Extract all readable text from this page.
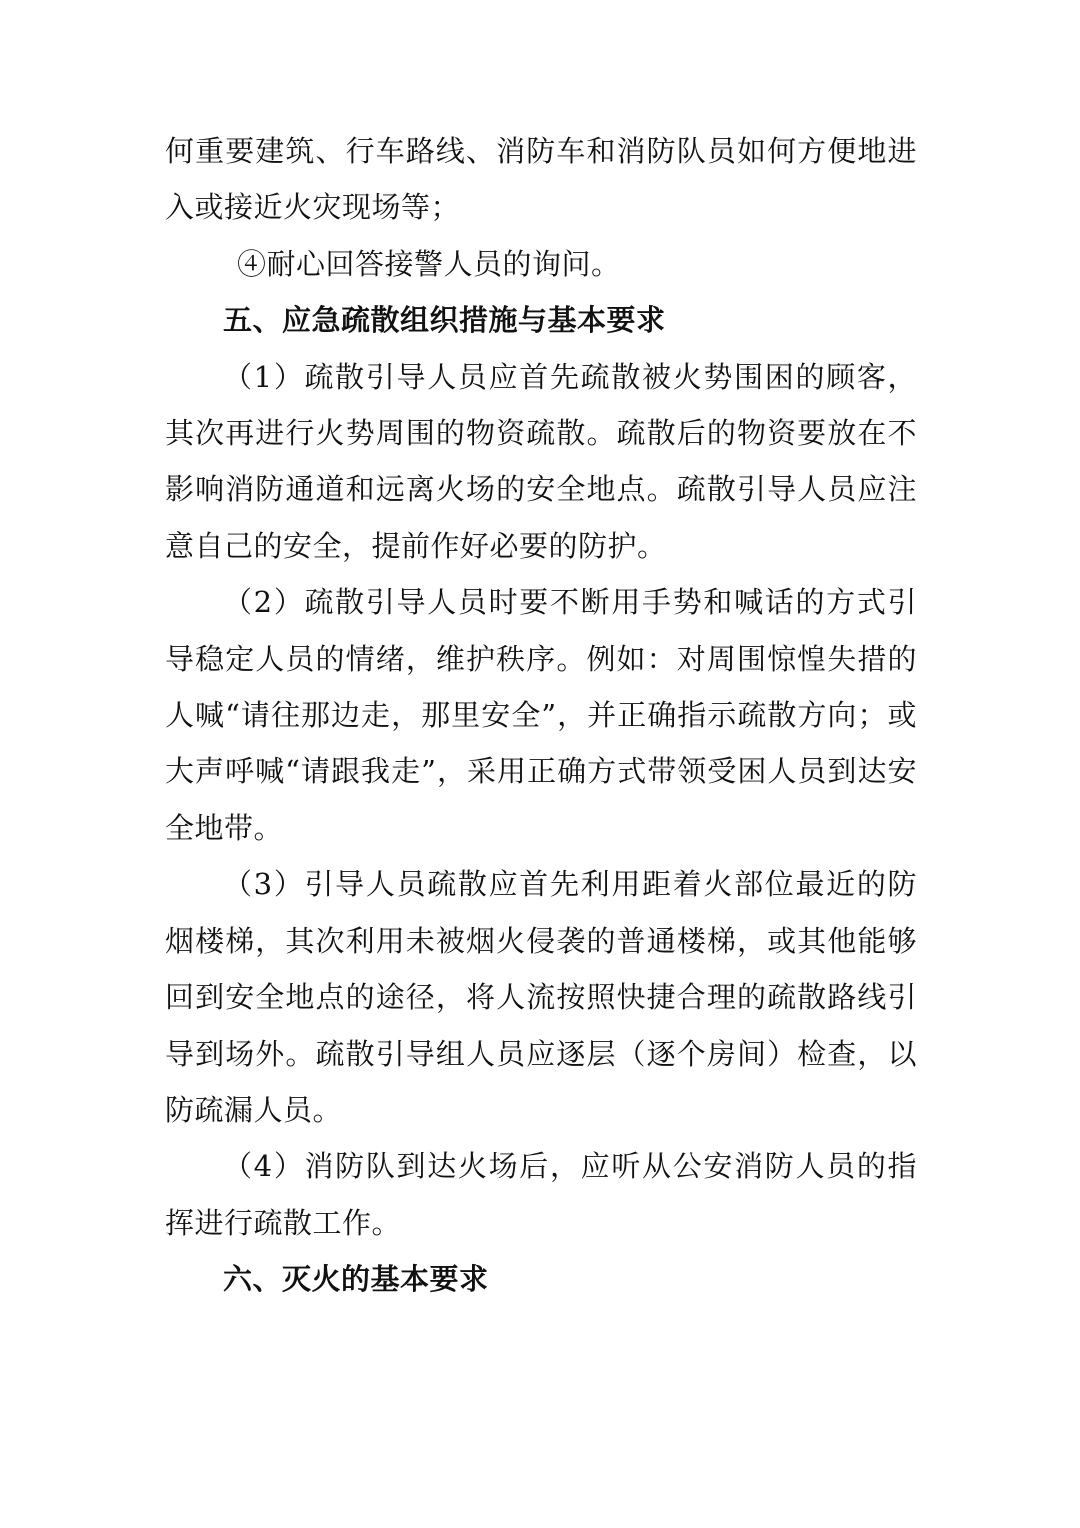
何重要建筑、行车路线、消防车和消防队员如何方便地进入或接近火灾现场等；

④耐心回答接警人员的询问。

五、应急疏散组织措施与基本要求

（1）疏散引导人员应首先疏散被火势围困的顾客，其次再进行火势周围的物资疏散。疏散后的物资要放在不影响消防通道和远离火场的安全地点。疏散引导人员应注意自己的安全，提前作好必要的防护。

（2）疏散引导人员时要不断用手势和喊话的方式引导稳定人员的情绪，维护秩序。例如：对周围惊惶失措的人喊“请往那边走，那里安全”，并正确指示疏散方向；或大声呼喊“请跟我走”，采用正确方式带领受困人员到达安全地带。

（3）引导人员疏散应首先利用距着火部位最近的防烟楼梯，其次利用未被烟火侵袭的普通楼梯，或其他能够回到安全地点的途径，将人流按照快捷合理的疏散路线引导到场外。疏散引导组人员应逐层（逐个房间）检查，以防疏漏人员。

（4）消防队到达火场后，应听从公安消防人员的指挥进行疏散工作。

六、灭火的基本要求
